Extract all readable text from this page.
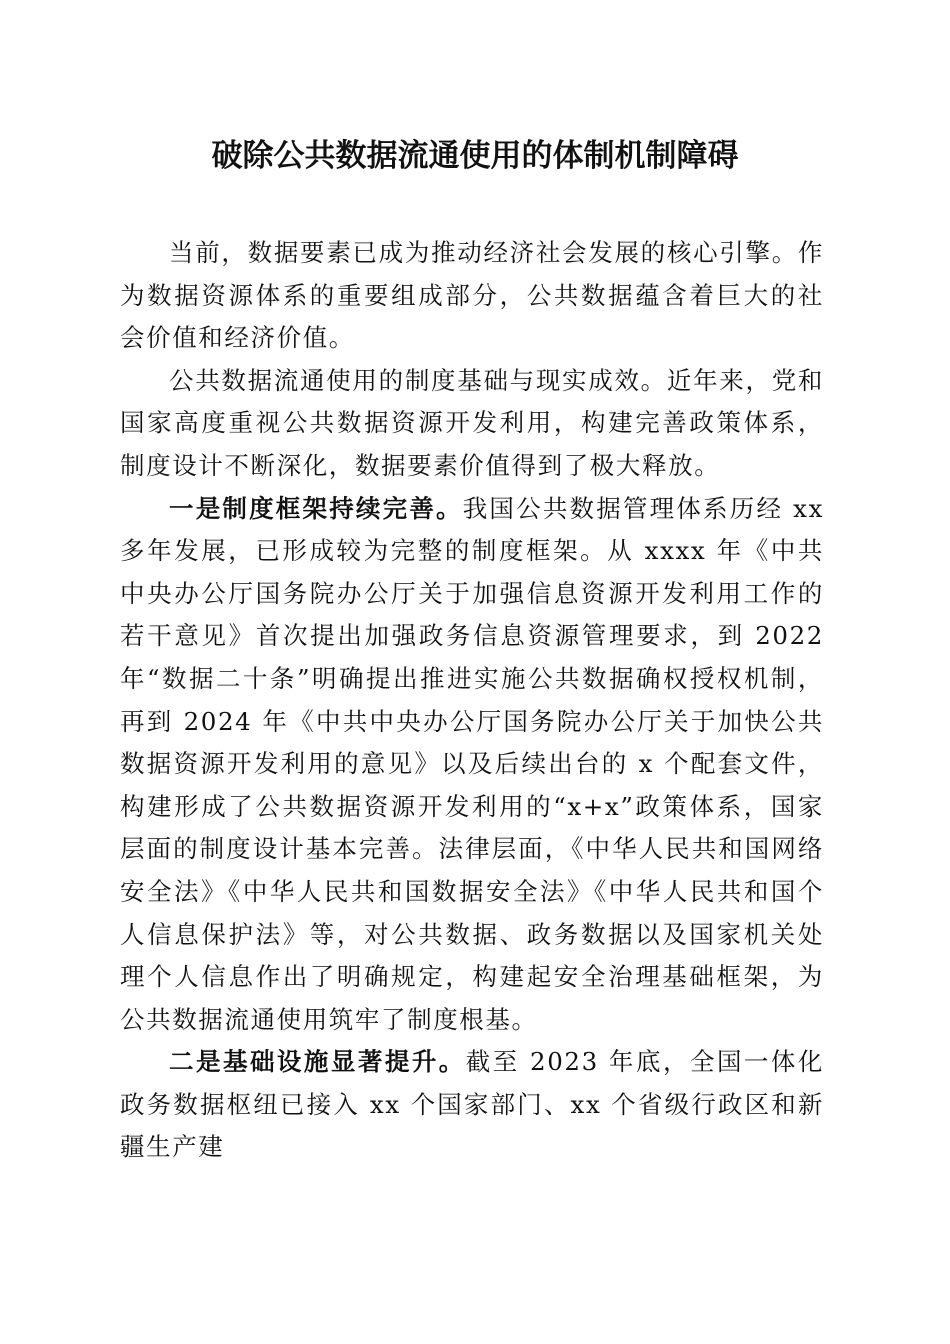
破除公共数据流通使用的体制机制障碍

当前，数据要素已成为推动经济社会发展的核心引擎。作为数据资源体系的重要组成部分，公共数据蕴含着巨大的社会价值和经济价值。

公共数据流通使用的制度基础与现实成效。近年来，党和国家高度重视公共数据资源开发利用，构建完善政策体系，制度设计不断深化，数据要素价值得到了极大释放。

一是制度框架持续完善。我国公共数据管理体系历经 xx 多年发展，已形成较为完整的制度框架。从 xxxx 年《中共中央办公厅国务院办公厅关于加强信息资源开发利用工作的若干意见》首次提出加强政务信息资源管理要求，到 2022 年“数据二十条”明确提出推进实施公共数据确权授权机制，再到 2024 年《中共中央办公厅国务院办公厅关于加快公共数据资源开发利用的意见》以及后续出台的 x 个配套文件，构建形成了公共数据资源开发利用的“x+x”政策体系，国家层面的制度设计基本完善。法律层面，《中华人民共和国网络安全法》《中华人民共和国数据安全法》《中华人民共和国个人信息保护法》等，对公共数据、政务数据以及国家机关处理个人信息作出了明确规定，构建起安全治理基础框架，为公共数据流通使用筑牢了制度根基。

二是基础设施显著提升。截至 2023 年底，全国一体化政务数据枢纽已接入 xx 个国家部门、xx 个省级行政区和新疆生产建
